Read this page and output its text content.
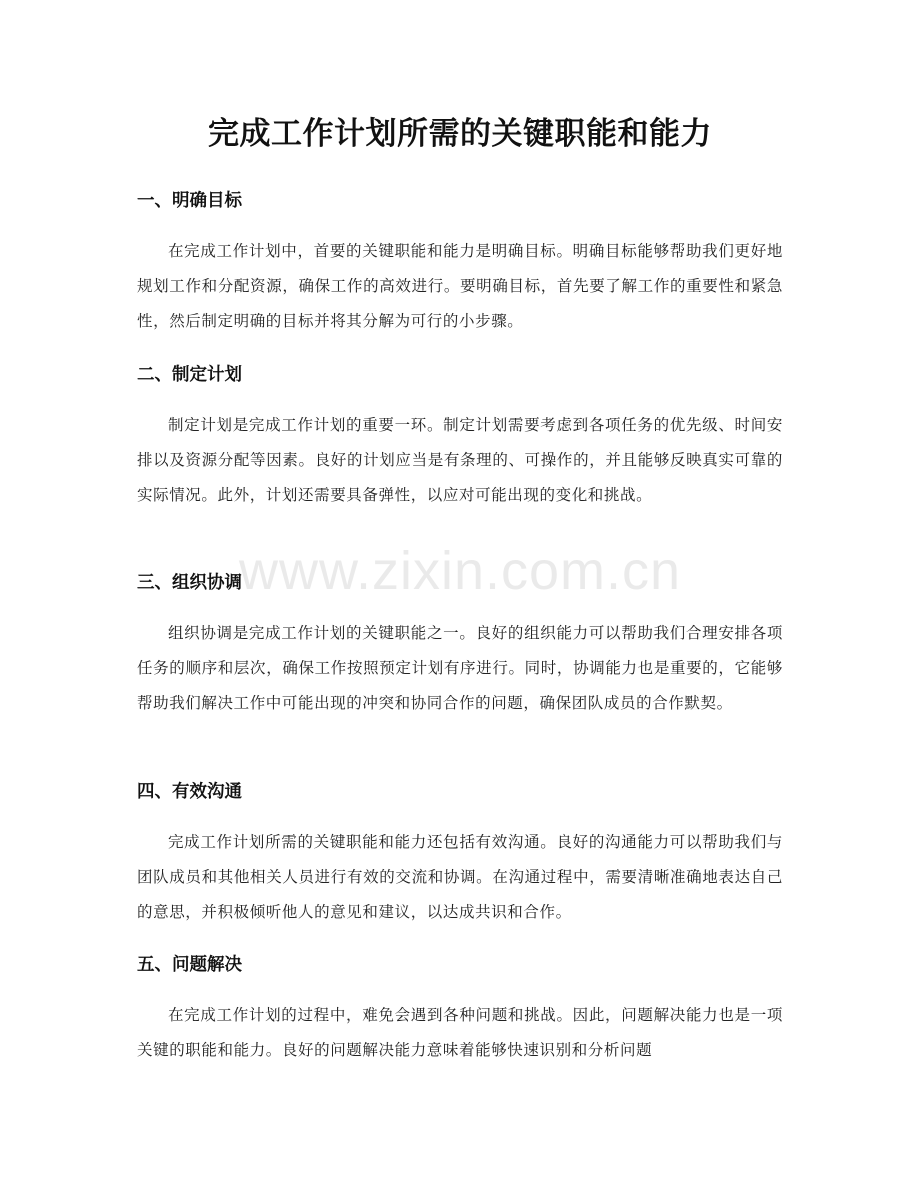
完成工作计划所需的关键职能和能力
www.zixin.com.cn
一、明确目标

在完成工作计划中，首要的关键职能和能力是明确目标。明确目标能够帮助我们更好地规划工作和分配资源，确保工作的高效进行。要明确目标，首先要了解工作的重要性和紧急性，然后制定明确的目标并将其分解为可行的小步骤。

二、制定计划

制定计划是完成工作计划的重要一环。制定计划需要考虑到各项任务的优先级、时间安排以及资源分配等因素。良好的计划应当是有条理的、可操作的，并且能够反映真实可靠的实际情况。此外，计划还需要具备弹性，以应对可能出现的变化和挑战。

三、组织协调

组织协调是完成工作计划的关键职能之一。良好的组织能力可以帮助我们合理安排各项任务的顺序和层次，确保工作按照预定计划有序进行。同时，协调能力也是重要的，它能够帮助我们解决工作中可能出现的冲突和协同合作的问题，确保团队成员的合作默契。

四、有效沟通

完成工作计划所需的关键职能和能力还包括有效沟通。良好的沟通能力可以帮助我们与团队成员和其他相关人员进行有效的交流和协调。在沟通过程中，需要清晰准确地表达自己的意思，并积极倾听他人的意见和建议，以达成共识和合作。

五、问题解决

在完成工作计划的过程中，难免会遇到各种问题和挑战。因此，问题解决能力也是一项关键的职能和能力。良好的问题解决能力意味着能够快速识别和分析问题
